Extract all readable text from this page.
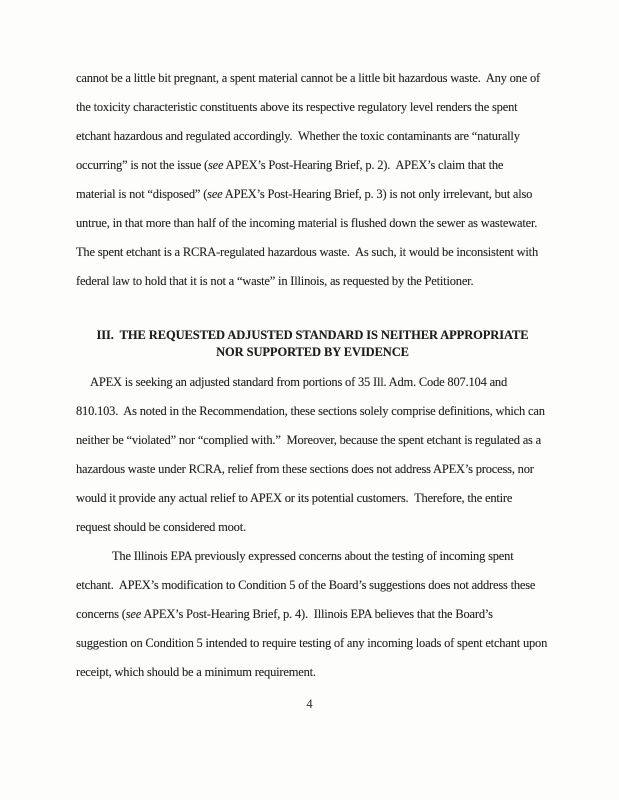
cannot be a little bit pregnant, a spent material cannot be a little bit hazardous waste.  Any one of
the toxicity characteristic constituents above its respective regulatory level renders the spent
etchant hazardous and regulated accordingly.  Whether the toxic contaminants are “naturally
occurring” is not the issue (see APEX’s Post-Hearing Brief, p. 2).  APEX’s claim that the
material is not “disposed” (see APEX’s Post-Hearing Brief, p. 3) is not only irrelevant, but also
untrue, in that more than half of the incoming material is flushed down the sewer as wastewater.
The spent etchant is a RCRA-regulated hazardous waste.  As such, it would be inconsistent with
federal law to hold that it is not a “waste” in Illinois, as requested by the Petitioner.
III.  THE REQUESTED ADJUSTED STANDARD IS NEITHER APPROPRIATE
NOR SUPPORTED BY EVIDENCE
APEX is seeking an adjusted standard from portions of 35 Ill. Adm. Code 807.104 and
810.103.  As noted in the Recommendation, these sections solely comprise definitions, which can
neither be “violated” nor “complied with.”  Moreover, because the spent etchant is regulated as a
hazardous waste under RCRA, relief from these sections does not address APEX’s process, nor
would it provide any actual relief to APEX or its potential customers.  Therefore, the entire
request should be considered moot.
The Illinois EPA previously expressed concerns about the testing of incoming spent
etchant.  APEX’s modification to Condition 5 of the Board’s suggestions does not address these
concerns (see APEX’s Post-Hearing Brief, p. 4).  Illinois EPA believes that the Board’s
suggestion on Condition 5 intended to require testing of any incoming loads of spent etchant upon
receipt, which should be a minimum requirement.
4
